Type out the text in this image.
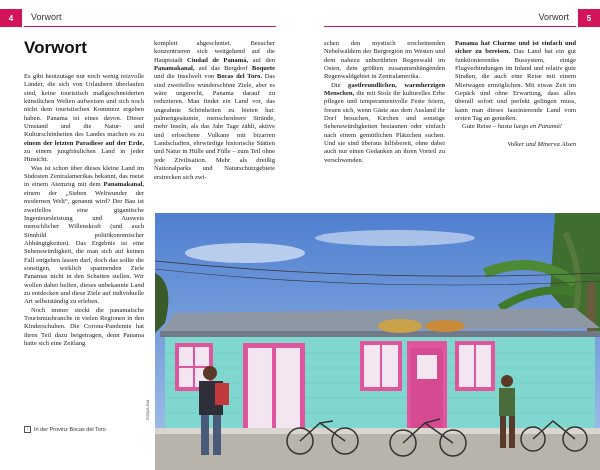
4	Vorwort	Vorwort	5
Vorwort

Es gibt heutzutage nur noch wenig reizvolle Länder, die sich von Urlaubern überlaufen sind, keine touristisch maßgeschneiderten künstlichen Welten aufweisen und sich noch nicht dem touristischen Kommerz ergeben haben. Panama ist eines davon. Dieser Umstand und die Natur- und Kulturschönheiten des Landes machen es zu einem der letzten Paradiese auf der Erde, zu einem jungfräulichen Land in jeder Hinsicht.

Was ist schon über dieses kleine Land im Südosten Zentralamerikas bekannt, das meist in einem Atemzug mit dem Panamakanal, einem der „Sieben Weltwunder der modernen Welt“, genannt wird? Der Bau ist zweifellos eine gigantische Ingenieursleistung und Ausweis menschlicher Willenskraft (und auch Sinnbild politökonomischer Abhängigkeiten). Das Ergebnis ist eine Sehenswürdigkeit, die man sich auf keinen Fall entgehen lassen darf, doch das sollte die sonstigen, wirklich spannenden Ziele Panamas nicht in den Schatten stellen. Wir wollen dabei helfen, dieses unbekannte Land zu entdecken und diese Ziele auf individuelle Art selbstständig zu erleben.

Noch immer steckt die panamaische Tourismusbranche in vielen Regionen in den Kinderschuhen. Die Corona-Pandemie hat ihren Teil dazu beigetragen, denn Panama hatte sich eine Zeitlang

komplett abgeschottet. Besucher konzentrieren sich weitgehend auf die Hauptstadt Ciudad de Panamá, auf den Panamakanal, auf das Bergdorf Boquete und die Inselwelt von Bocas del Toro. Das sind zweifellos wunderschöne Ziele, aber es wäre ungerecht, Panama darauf zu reduzieren. Man findet ein Land vor, das ungeahnte Schönheiten zu bieten hat: palmengesäumte, menschenleere Strände, mehr Inseln, als das Jahr Tage zählt, aktive und erloschene Vulkane mit bizarren Landschaften, ehrwürdige historische Stätten und Natur in Hülle und Fülle – zum Teil ohne jede Zivilisation. Mehr als dreißig Nationalparks und Naturschutzgebiete erstrecken sich zwi-

schen den mystisch erscheinenden Nebelwäldern der Bergregion im Westen und dem nahezu unberührten Regenwald im Osten, dem größten zusammenhängenden Regenwaldgebiet in Zentralamerika.

Die gastfreundlichen, warmherzigen Menschen, die mit Stolz ihr kulturelles Erbe pflegen und temperamentvolle Feste feiern, freuen sich, wenn Gäste aus dem Ausland ihr Dorf besuchen, Kirchen und sonstige Sehenswürdigkeiten bestaunen oder einfach nach einem gemütlichen Plätzchen suchen. Und sie sind überaus hilfsbereit, ohne dabei auch nur einen Gedanken an ihren Vorteil zu verschwenden.

Panama hat Charme und ist einfach und sicher zu bereisen. Das Land hat ein gut funktionierendes Bussystem, einige Flugverbindungen im Inland und relativ gute Straßen, die auch eine Reise mit einem Mietwagen ermöglichen. Mit etwas Zeit im Gepäck und ohne Erwartung, dass alles überall sofort und perfekt gelingen muss, kann man dieses faszinierende Land vom ersten Tag an genießen.

Gute Reise – hasta luego en Panamá!

Volker und Minerva Alsen
↑ In der Provinz Bocas del Toro
043pa-ma
